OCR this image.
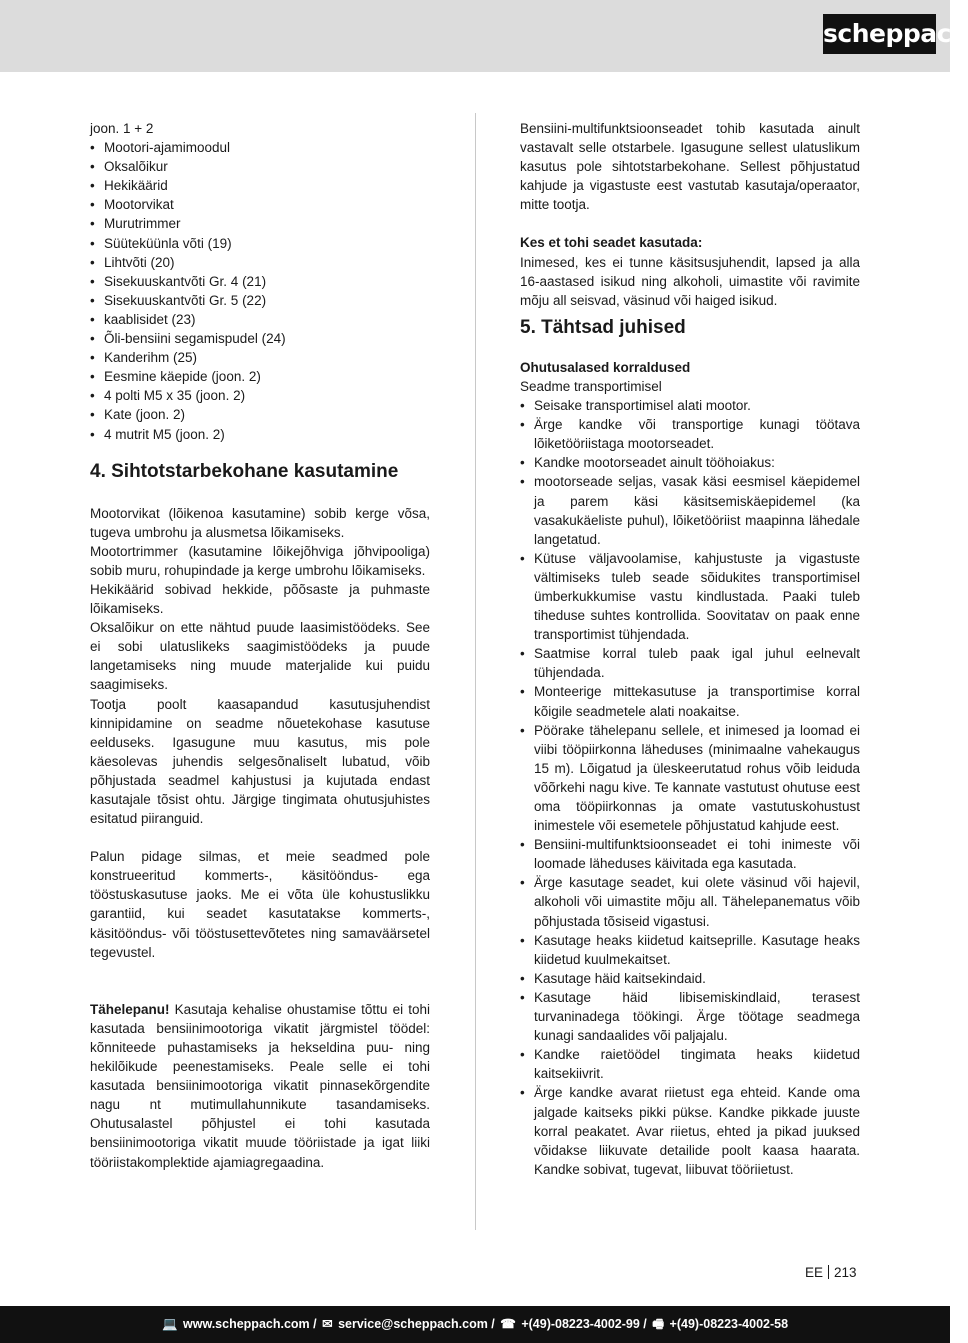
scheppach

joon. 1 + 2

• Mootori-ajamimoodul
• Oksalõikur
• Hekikäärid
• Mootorvikat
• Murutrimmer
• Süüteküünla võti (19)
• Lihtvõti (20)
• Sisekuuskantvõti Gr. 4 (21)
• Sisekuuskantvõti Gr. 5 (22)
• kaablisidet (23)
• Õli-bensiini segamispudel (24)
• Kanderihm (25)
• Eesmine käepide (joon. 2)
• 4 polti M5 x 35 (joon. 2)
• Kate (joon. 2)
• 4 mutrit M5 (joon. 2)
4. Sihtotstarbekohane kasutamine

Mootorvikat (lõikenoa kasutamine) sobib kerge võsa, tugeva umbrohu ja alusmetsa lõikamiseks.

Mootortrimmer (kasutamine lõikejõhviga jõhvipooliga) sobib muru, rohupindade ja kerge umbrohu lõikamiseks.

Hekikäärid sobivad hekkide, põõsaste ja puhmaste lõikamiseks.

Oksalõikur on ette nähtud puude laasimistöödeks. See ei sobi ulatuslikeks saagimistöödeks ja puude langetamiseks ning muude materjalide kui puidu saagimiseks.

Tootja poolt kaasapandud kasutusjuhendist kinnipidamine on seadme nõuetekohase kasutuse eelduseks. Igasugune muu kasutus, mis pole käesolevas juhendis selgesõnaliselt lubatud, võib põhjustada seadmel kahjustusi ja kujutada endast kasutajale tõsist ohtu. Järgige tingimata ohutusjuhistes esitatud piiranguid.

Palun pidage silmas, et meie seadmed pole konstrueeritud kommerts-, käsitööndus- ega tööstuskasutuse jaoks. Me ei võta üle kohustuslikku garantiid, kui seadet kasutatakse kommerts-, käsitööndus- või tööstusettevõtetes ning samaväärsetel tegevustel.

Tähelepanu! Kasutaja kehalise ohustamise tõttu ei tohi kasutada bensiinimootoriga vikatit järgmistel töödel: kõnniteede puhastamiseks ja hekseldina puu- ning hekilõikude peenestamiseks. Peale selle ei tohi kasutada bensiinimootoriga vikatit pinnasekõrgendite nagu nt mutimullahunnikute tasandamiseks. Ohutusalastel põhjustel ei tohi kasutada bensiinimootoriga vikatit muude tööriistade ja igat liiki tööriistakomplektide ajamiagregaadina.

Bensiini-multifunktsioonseadet tohib kasutada ainult vastavalt selle otstarbele. Igasugune sellest ulatuslikum kasutus pole sihtotstarbekohane. Sellest põhjustatud kahjude ja vigastuste eest vastutab kasutaja/operaator, mitte tootja.

Kes et tohi seadet kasutada:

Inimesed, kes ei tunne käsitsusjuhendit, lapsed ja alla 16-aastased isikud ning alkoholi, uimastite või ravimite mõju all seisvad, väsinud või haiged isikud.

5. Tähtsad juhised

Ohutusalased korraldused

Seadme transportimisel

• Seisake transportimisel alati mootor.
• Ärge kandke või transportige kunagi töötava lõiketööriistaga mootorseadet.
• Kandke mootorseadet ainult tööhoiakus:
• mootorseade seljas, vasak käsi eesmisel käepidemel ja parem käsi käsitsemiskäepidemel (ka vasakukäeliste puhul), lõiketööriist maapinna lähedale langetatud.
• Kütuse väljavoolamise, kahjustuste ja vigastuste vältimiseks tuleb seade sõidukites transportimisel ümberkukkumise vastu kindlustada. Paaki tuleb tiheduse suhtes kontrollida. Soovitatav on paak enne transportimist tühjendada.
• Saatmise korral tuleb paak igal juhul eelnevalt tühjendada.
• Monteerige mittekasutuse ja transportimise korral kõigile seadmetele alati noakaitse.
• Pöörake tähelepanu sellele, et inimesed ja loomad ei viibi tööpiirkonna läheduses (minimaalne vahekaugus 15 m). Lõigatud ja üleskeerutatud rohus võib leiduda võõrkehi nagu kive. Te kannate vastutust ohutuse eest oma tööpiirkonnas ja omate vastutuskohustust inimestele või esemetele põhjustatud kahjude eest.
• Bensiini-multifunktsioonseadet ei tohi inimeste või loomade läheduses käivitada ega kasutada.
• Ärge kasutage seadet, kui olete väsinud või hajevil, alkoholi või uimastite mõju all. Tähelepanematus võib põhjustada tõsiseid vigastusi.
• Kasutage heaks kiidetud kaitseprille. Kasutage heaks kiidetud kuulmekaitset.
• Kasutage häid kaitsekindaid.
• Kasutage häid libisemiskindlaid, terasest turvaninadega töökingi. Ärge töötage seadmega kunagi sandaalides või paljajalu.
• Kandke raietöödel tingimata heaks kiidetud kaitsekiivrit.
• Ärge kandke avarat riietust ega ehteid. Kande oma jalgade kaitseks pikki pükse. Kandke pikkade juuste korral peakatet. Avar riietus, ehted ja pikad juuksed võidakse liikuvate detailide poolt kaasa haarata. Kandke sobivat, tugevat, liibuvat tööriietust.
EE 213
💻 www.scheppach.com / ✉ service@scheppach.com / ☎ +(49)-08223-4002-99 / 🖷 +(49)-08223-4002-58
